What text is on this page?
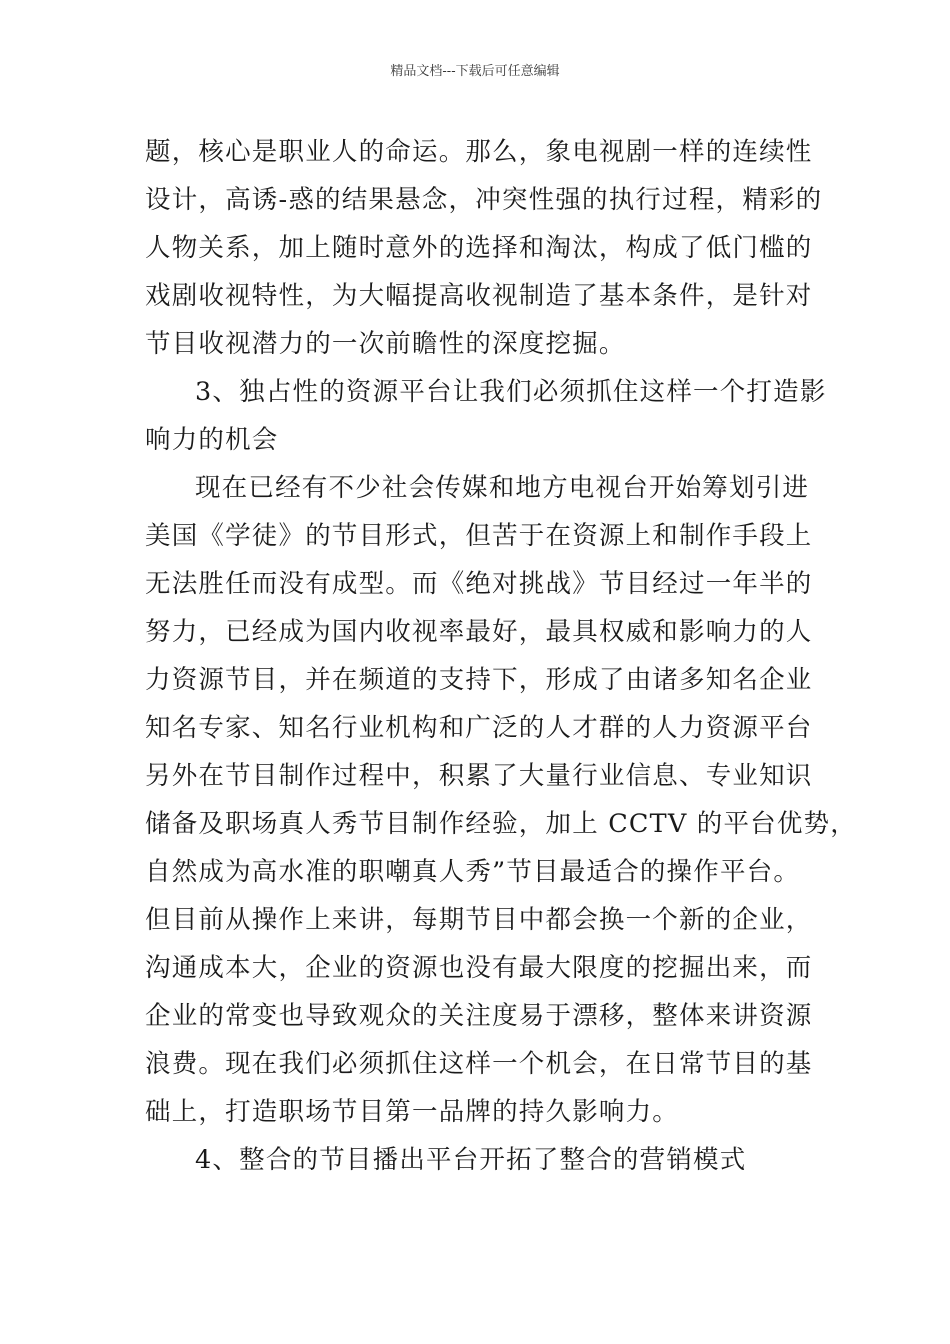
精品文档---下载后可任意编辑
题，核心是职业人的命运。那么，象电视剧一样的连续性
设计，高诱-惑的结果悬念，冲突性强的执行过程，精彩的
人物关系，加上随时意外的选择和淘汰，构成了低门槛的
戏剧收视特性，为大幅提高收视制造了基本条件，是针对
节目收视潜力的一次前瞻性的深度挖掘。
3、独占性的资源平台让我们必须抓住这样一个打造影
响力的机会
现在已经有不少社会传媒和地方电视台开始筹划引进
美国《学徒》的节目形式，但苦于在资源上和制作手段上
无法胜任而没有成型。而《绝对挑战》节目经过一年半的
努力，已经成为国内收视率最好，最具权威和影响力的人
力资源节目，并在频道的支持下，形成了由诸多知名企业
知名专家、知名行业机构和广泛的人才群的人力资源平台
另外在节目制作过程中，积累了大量行业信息、专业知识
储备及职场真人秀节目制作经验，加上 CCTV 的平台优势，
自然成为高水准的职嘲真人秀”节目最适合的操作平台。
但目前从操作上来讲，每期节目中都会换一个新的企业，
沟通成本大，企业的资源也没有最大限度的挖掘出来，而
企业的常变也导致观众的关注度易于漂移，整体来讲资源
浪费。现在我们必须抓住这样一个机会，在日常节目的基
础上，打造职场节目第一品牌的持久影响力。
4、整合的节目播出平台开拓了整合的营销模式
